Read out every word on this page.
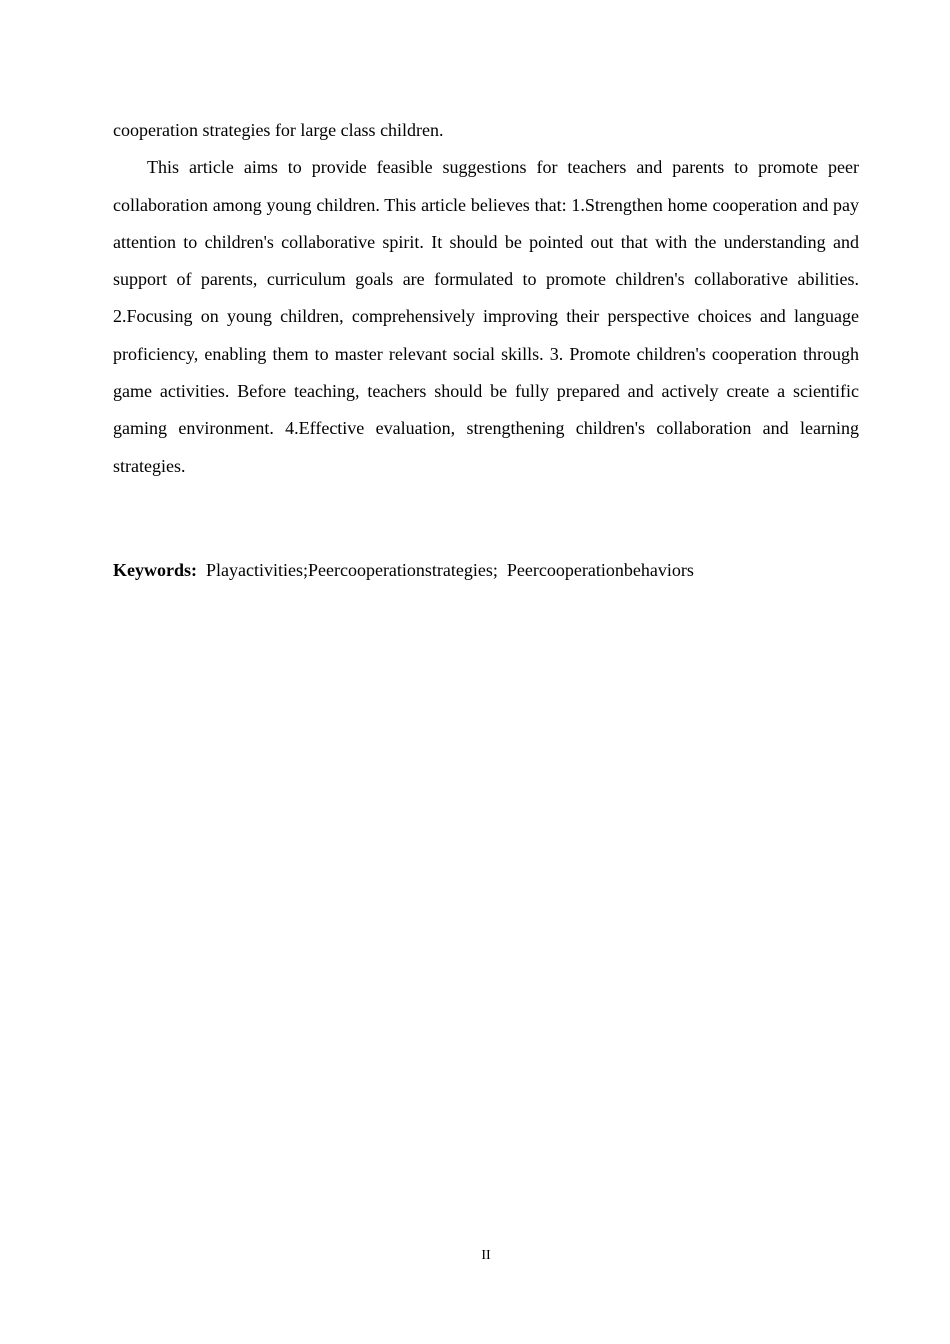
cooperation strategies for large class children.

This article aims to provide feasible suggestions for teachers and parents to promote peer collaboration among young children. This article believes that: 1.Strengthen home cooperation and pay attention to children's collaborative spirit. It should be pointed out that with the understanding and support of parents, curriculum goals are formulated to promote children's collaborative abilities. 2.Focusing on young children, comprehensively improving their perspective choices and language proficiency, enabling them to master relevant social skills. 3. Promote children's cooperation through game activities. Before teaching, teachers should be fully prepared and actively create a scientific gaming environment. 4.Effective evaluation, strengthening children's collaboration and learning strategies.

Keywords:  Playactivities;Peercooperationstrategies;  Peercooperationbehaviors
II
